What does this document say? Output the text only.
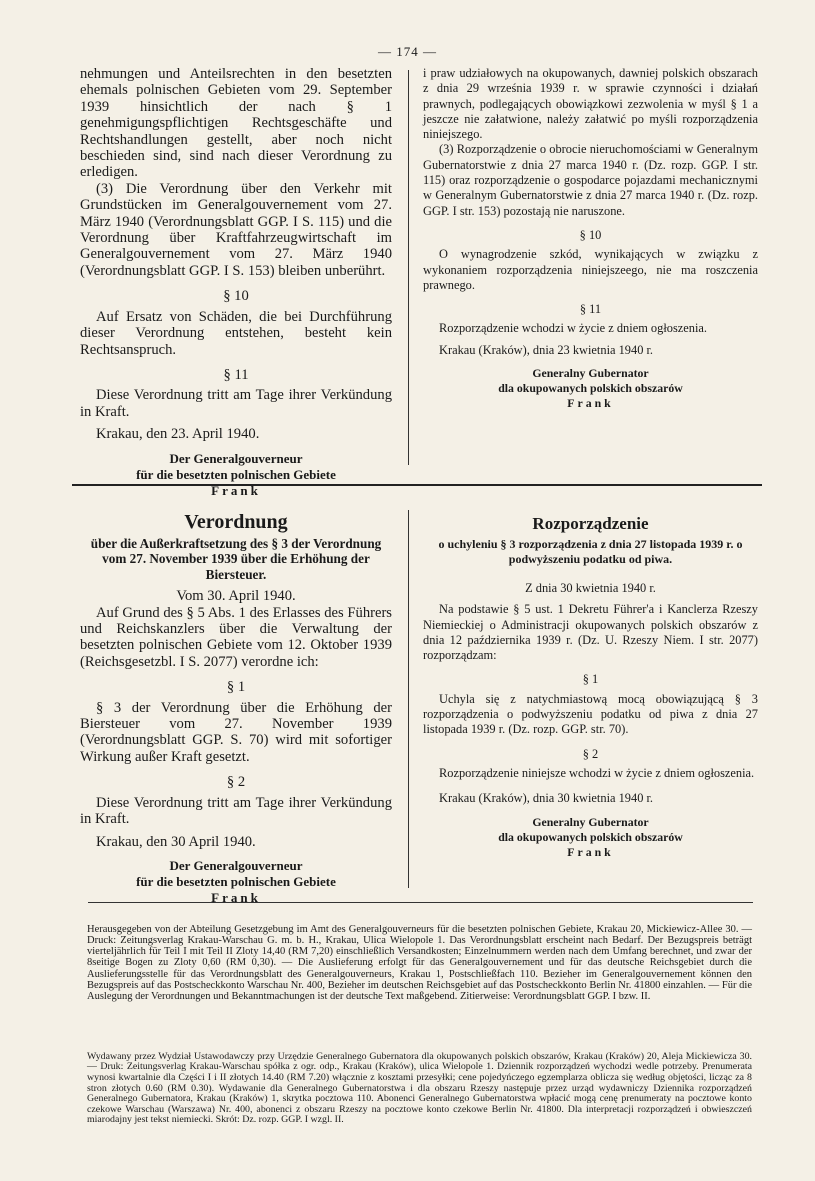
— 174 —

nehmungen und Anteilsrechten in den besetzten ehemals polnischen Gebieten vom 29. September 1939 hinsichtlich der nach § 1 genehmigungspflichtigen Rechtsgeschäfte und Rechtshandlungen gestellt, aber noch nicht beschieden sind, sind nach dieser Verordnung zu erledigen.

(3) Die Verordnung über den Verkehr mit Grundstücken im Generalgouvernement vom 27. März 1940 (Verordnungsblatt GGP. I S. 115) und die Verordnung über Kraftfahrzeugwirtschaft im Generalgouvernement vom 27. März 1940 (Verordnungsblatt GGP. I S. 153) bleiben unberührt.

§ 10

Auf Ersatz von Schäden, die bei Durchführung dieser Verordnung entstehen, besteht kein Rechtsanspruch.

§ 11

Diese Verordnung tritt am Tage ihrer Verkündung in Kraft.

Krakau, den 23. April 1940.

Der Generalgouverneur
für die besetzten polnischen Gebiete
Frank

i praw udziałowych na okupowanych, dawniej polskich obszarach z dnia 29 września 1939 r. w sprawie czynności i działań prawnych, podlegających obowiązkowi zezwolenia w myśl § 1 a jeszcze nie załatwione, należy załatwić po myśli rozporządzenia niniejszego.

(3) Rozporządzenie o obrocie nieruchomościami w Generalnym Gubernatorstwie z dnia 27 marca 1940 r. (Dz. rozp. GGP. I str. 115) oraz rozporządzenie o gospodarce pojazdami mechanicznymi w Generalnym Gubernatorstwie z dnia 27 marca 1940 r. (Dz. rozp. GGP. I str. 153) pozostają nie naruszone.

§ 10

O wynagrodzenie szkód, wynikających w związku z wykonaniem rozporządzenia niniejszeego, nie ma roszczenia prawnego.

§ 11

Rozporządzenie wchodzi w życie z dniem ogłoszenia.

Krakau (Kraków), dnia 23 kwietnia 1940 r.

Generalny Gubernator
dla okupowanych polskich obszarów
Frank

Verordnung

über die Außerkraftsetzung des § 3 der Verordnung vom 27. November 1939 über die Erhöhung der Biersteuer.

Vom 30. April 1940.

Auf Grund des § 5 Abs. 1 des Erlasses des Führers und Reichskanzlers über die Verwaltung der besetzten polnischen Gebiete vom 12. Oktober 1939 (Reichsgesetzbl. I S. 2077) verordne ich:

§ 1

§ 3 der Verordnung über die Erhöhung der Biersteuer vom 27. November 1939 (Verordnungsblatt GGP. S. 70) wird mit sofortiger Wirkung außer Kraft gesetzt.

§ 2

Diese Verordnung tritt am Tage ihrer Verkündung in Kraft.

Krakau, den 30 April 1940.

Der Generalgouverneur
für die besetzten polnischen Gebiete
Frank

Rozporządzenie

o uchyleniu § 3 rozporządzenia z dnia 27 listopada 1939 r. o podwyższeniu podatku od piwa.

Z dnia 30 kwietnia 1940 r.

Na podstawie § 5 ust. 1 Dekretu Führer'a i Kanclerza Rzeszy Niemieckiej o Administracji okupowanych polskich obszarów z dnia 12 października 1939 r. (Dz. U. Rzeszy Niem. I str. 2077) rozporządzam:

§ 1

Uchyla się z natychmiastową mocą obowiązującą § 3 rozporządzenia o podwyższeniu podatku od piwa z dnia 27 listopada 1939 r. (Dz. rozp. GGP. str. 70).

§ 2

Rozporządzenie niniejsze wchodzi w życie z dniem ogłoszenia.

Krakau (Kraków), dnia 30 kwietnia 1940 r.

Generalny Gubernator
dla okupowanych polskich obszarów
Frank

Herausgegeben von der Abteilung Gesetzgebung im Amt des Generalgouverneurs für die besetzten polnischen Gebiete, Krakau 20, Mickiewicz-Allee 30. — Druck: Zeitungsverlag Krakau-Warschau G. m. b. H., Krakau, Ulica Wielopole 1. Das Verordnungsblatt erscheint nach Bedarf. Der Bezugspreis beträgt vierteljährlich für Teil I mit Teil II Zloty 14,40 (RM 7,20) einschließlich Versandkosten; Einzelnummern werden nach dem Umfang berechnet, und zwar der 8seitige Bogen zu Zloty 0,60 (RM 0,30). — Die Auslieferung erfolgt für das Generalgouvernement und für das deutsche Reichsgebiet durch die Auslieferungsstelle für das Verordnungsblatt des Generalgouverneurs, Krakau 1, Postschließfach 110. Bezieher im Generalgouvernement können den Bezugspreis auf das Postscheckkonto Warschau Nr. 400, Bezieher im deutschen Reichsgebiet auf das Postscheckkonto Berlin Nr. 41800 einzahlen. — Für die Auslegung der Verordnungen und Bekanntmachungen ist der deutsche Text maßgebend. Zitierweise: Verordnungsblatt GGP. I bzw. II.

Wydawany przez Wydział Ustawodawczy przy Urzędzie Generalnego Gubernatora dla okupowanych polskich obszarów, Krakau (Kraków) 20, Aleja Mickiewicza 30. — Druk: Zeitungsverlag Krakau-Warschau spółka z ogr. odp., Krakau (Kraków), ulica Wielopole 1. Dziennik rozporządzeń wychodzi wedle potrzeby. Prenumerata wynosi kwartalnie dla Części I i II złotych 14.40 (RM 7.20) włącznie z kosztami przesyłki; cene pojedyńczego egzemplarza oblicza się według objętości, licząc za 8 stron złotych 0.60 (RM 0.30). Wydawanie dla Generalnego Gubernatorstwa i dla obszaru Rzeszy następuje przez urząd wydawniczy Dziennika rozporządzeń Generalnego Gubernatora, Krakau (Kraków) 1, skrytka pocztowa 110. Abonenci Generalnego Gubernatorstwa wpłacić mogą cenę prenumeraty na pocztowe konto czekowe Warschau (Warszawa) Nr. 400, abonenci z obszaru Rzeszy na pocztowe konto czekowe Berlin Nr. 41800. Dla interpretacji rozporządzeń i obwieszczeń miarodajny jest tekst niemiecki. Skrót: Dz. rozp. GGP. I wzgl. II.
